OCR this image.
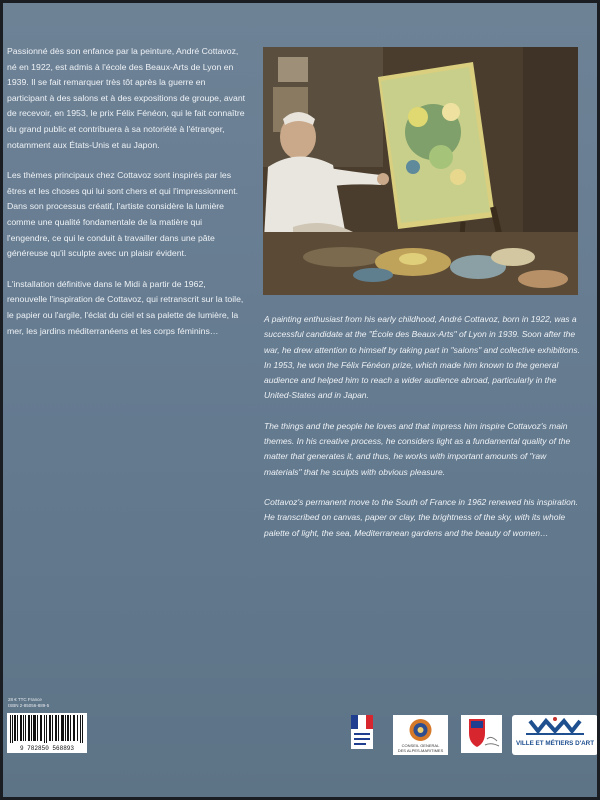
Passionné dès son enfance par la peinture, André Cottavoz, né en 1922, est admis à l'école des Beaux-Arts de Lyon en 1939. Il se fait remarquer très tôt après la guerre en participant à des salons et à des expositions de groupe, avant de recevoir, en 1953, le prix Félix Fénéon, qui le fait connaître du grand public et contribuera à sa notoriété à l'étranger, notamment aux États-Unis et au Japon.

Les thèmes principaux chez Cottavoz sont inspirés par les êtres et les choses qui lui sont chers et qui l'impressionnent. Dans son processus créatif, l'artiste considère la lumière comme une qualité fondamentale de la matière qui l'engendre, ce qui le conduit à travailler dans une pâte généreuse qu'il sculpte avec un plaisir évident.

L'installation définitive dans le Midi à partir de 1962, renouvelle l'inspiration de Cottavoz, qui retranscrit sur la toile, le papier ou l'argile, l'éclat du ciel et sa palette de lumière, la mer, les jardins méditerranéens et les corps féminins…

A painting enthusiast from his early childhood, André Cottavoz, born in 1922, was a successful candidate at the "École des Beaux-Arts" of Lyon in 1939. Soon after the war, he drew attention to himself by taking part in "salons" and collective exhibitions. In 1953, he won the Félix Fénéon prize, which made him known to the general audience and helped him to reach a wider audience abroad, particularly in the United-States and in Japan.

The things and the people he loves and that impress him inspire Cottavoz's main themes. In his creative process, he considers light as a fundamental quality of the matter that generates it, and thus, he works with important amounts of "raw materials" that he sculpts with obvious pleasure.

Cottavoz's permanent move to the South of France in 1962 renewed his inspiration. He transcribed on canvas, paper or clay, the brightness of the sky, with its whole palette of light, the sea, Mediterranean gardens and the beauty of women…

28 € TTC France
ISBN 2-85056-889-5
9 782850 568893	CONSEIL GENERAL
DES ALPES-MARITIMES
VILLE ET MÉTIERS D'ART
